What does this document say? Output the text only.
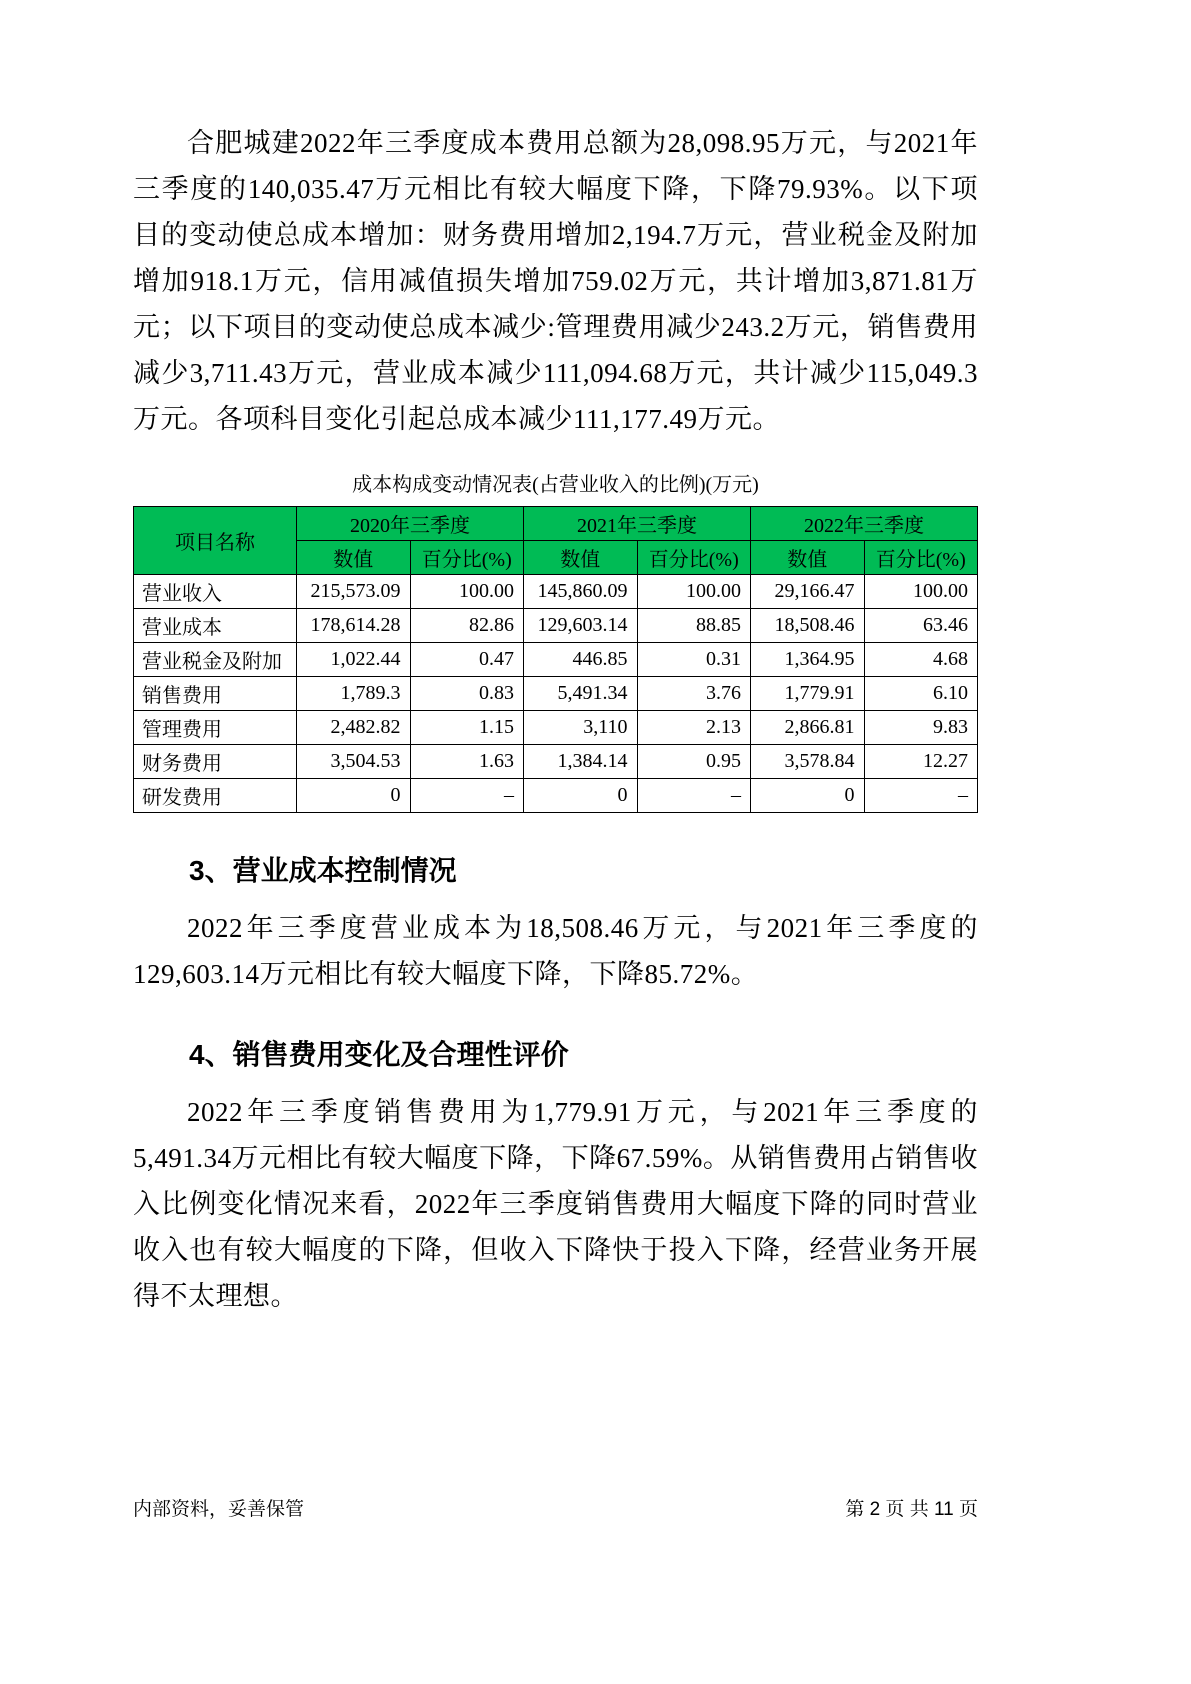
合肥城建2022年三季度成本费用总额为28,098.95万元，与2021年三季度的140,035.47万元相比有较大幅度下降，下降79.93%。以下项目的变动使总成本增加：财务费用增加2,194.7万元，营业税金及附加增加918.1万元，信用减值损失增加759.02万元，共计增加3,871.81万元；以下项目的变动使总成本减少:管理费用减少243.2万元，销售费用减少3,711.43万元，营业成本减少111,094.68万元，共计减少115,049.3万元。各项科目变化引起总成本减少111,177.49万元。

成本构成变动情况表(占营业收入的比例)(万元)
项目名称	2020年三季度		2021年三季度		2022年三季度	
	数值	百分比(%)	数值	百分比(%)	数值	百分比(%)
营业收入	215,573.09	100.00	145,860.09	100.00	29,166.47	100.00
营业成本	178,614.28	82.86	129,603.14	88.85	18,508.46	63.46
营业税金及附加	1,022.44	0.47	446.85	0.31	1,364.95	4.68
销售费用	1,789.3	0.83	5,491.34	3.76	1,779.91	6.10
管理费用	2,482.82	1.15	3,110	2.13	2,866.81	9.83
财务费用	3,504.53	1.63	1,384.14	0.95	3,578.84	12.27
研发费用	0	–	0	–	0	–
3、营业成本控制情况

2022年三季度营业成本为18,508.46万元，与2021年三季度的129,603.14万元相比有较大幅度下降，下降85.72%。

4、销售费用变化及合理性评价

2022年三季度销售费用为1,779.91万元，与2021年三季度的5,491.34万元相比有较大幅度下降，下降67.59%。从销售费用占销售收入比例变化情况来看，2022年三季度销售费用大幅度下降的同时营业收入也有较大幅度的下降，但收入下降快于投入下降，经营业务开展得不太理想。

内部资料，妥善保管	第 2 页 共 11 页
